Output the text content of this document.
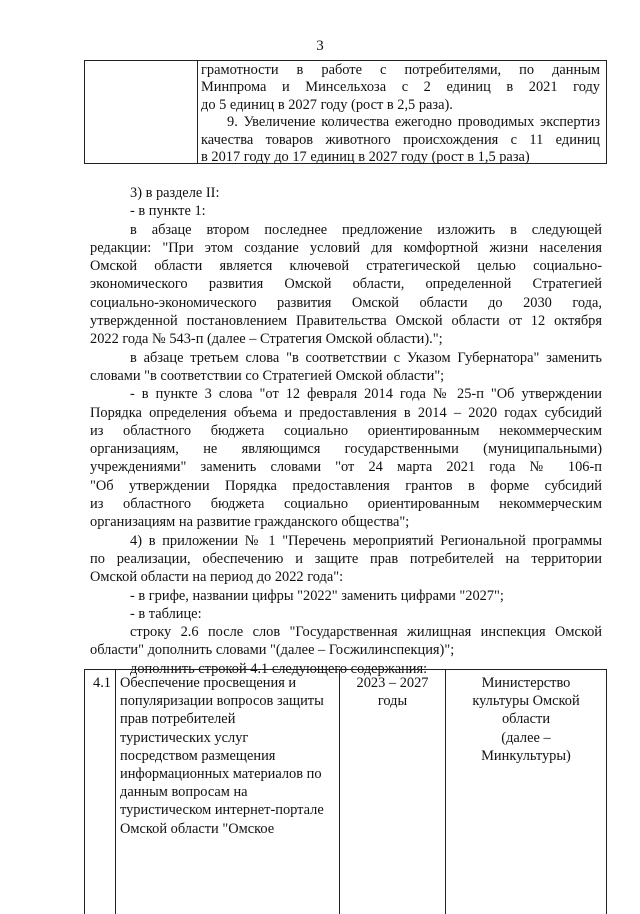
3
грамотности в работе с потребителями, по данным
Минпрома и Минсельхоза с 2 единиц в 2021 году
до 5 единиц в 2027 году (рост в 2,5 раза).
9. Увеличение количества ежегодно проводимых экспертиз
качества товаров животного происхождения с 11 единиц
в 2017 году до 17 единиц в 2027 году (рост в 1,5 раза)
3) в разделе II:
- в пункте 1:
в абзаце втором последнее предложение изложить в следующей
редакции: "При этом создание условий для комфортной жизни населения
Омской области является ключевой стратегической целью социально-
экономического развития Омской области, определенной Стратегией
социально-экономического развития Омской области до 2030 года,
утвержденной постановлением Правительства Омской области от 12 октября
2022 года № 543-п (далее – Стратегия Омской области).";
в абзаце третьем слова "в соответствии с Указом Губернатора" заменить
словами "в соответствии со Стратегией Омской области";
- в пункте 3 слова "от 12 февраля 2014 года № 25-п "Об утверждении
Порядка определения объема и предоставления в 2014 – 2020 годах субсидий
из областного бюджета социально ориентированным некоммерческим
организациям, не являющимся государственными (муниципальными)
учреждениями" заменить словами "от 24 марта 2021 года № 106-п
"Об утверждении Порядка предоставления грантов в форме субсидий
из областного бюджета социально ориентированным некоммерческим
организациям на развитие гражданского общества";
4) в приложении № 1 "Перечень мероприятий Региональной программы
по реализации, обеспечению и защите прав потребителей на территории
Омской области на период до 2022 года":
- в грифе, названии цифры "2022" заменить цифрами "2027";
- в таблице:
строку 2.6 после слов "Государственная жилищная инспекция Омской
области" дополнить словами "(далее – Госжилинспекция)";
дополнить строкой 4.1 следующего содержания:
4.1 Обеспечение просвещения и
популяризации вопросов защиты
прав потребителей
туристических услуг
посредством размещения
информационных материалов по
данным вопросам на
туристическом интернет-портале
Омской области "Омское
2023 – 2027
годы
Министерство
культуры Омской
области
(далее –
Минкультуры)
